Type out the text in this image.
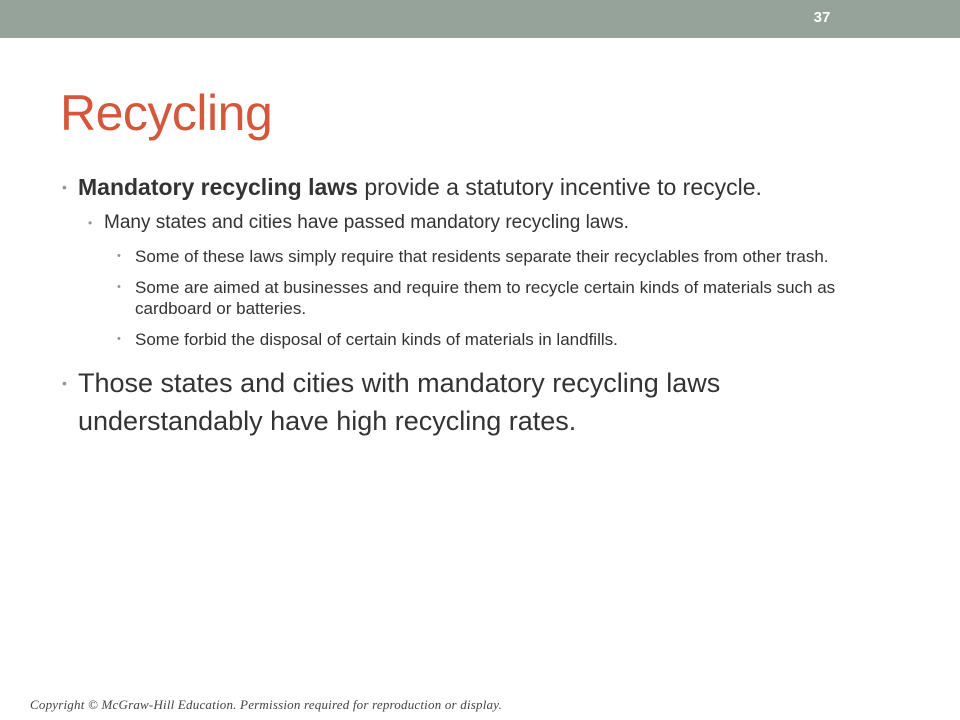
37
Recycling
• Mandatory recycling laws provide a statutory incentive to recycle.
• Many states and cities have passed mandatory recycling laws.
• Some of these laws simply require that residents separate their recyclables from other trash.
• Some are aimed at businesses and require them to recycle certain kinds of materials such as cardboard or batteries.
• Some forbid the disposal of certain kinds of materials in landfills.
• Those states and cities with mandatory recycling laws understandably have high recycling rates.
Copyright © McGraw-Hill Education. Permission required for reproduction or display.
